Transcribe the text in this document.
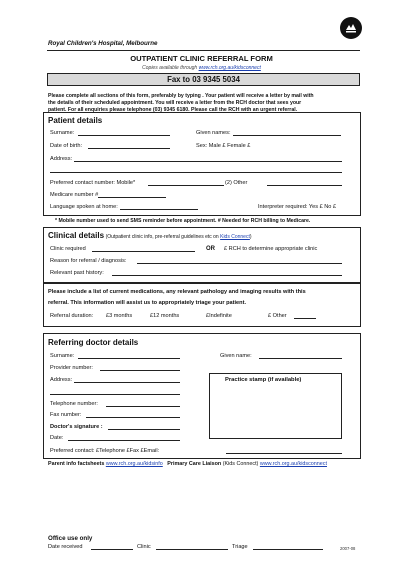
Royal Children's Hospital, Melbourne
OUTPATIENT CLINIC REFERRAL FORM
Copies available through www.rch.org.au/kidsconnect
Fax to 03 9345 5034
Please complete all sections of this form, preferably by typing . Your patient will receive a letter by mail with
the details of their scheduled appointment. You will receive a letter from the RCH doctor that sees your
patient. For all enquiries please telephone (03) 9345 6180. Please call the RCH with an urgent referral.
Patient details
Surname:	Given names:
Date of birth:	Sex: Male £ Female £
Address:
Preferred contact number: Mobile*	(2) Other
Medicare number #
Language spoken at home:	Interpreter required: Yes £ No £
* Mobile number used to send SMS reminder before appointment. # Needed for RCH billing to Medicare.
Clinical details (Outpatient clinic info, pre-referral guidelines etc on Kids Connect)
Clinic required	OR £ RCH to determine appropriate clinic
Reason for referral / diagnosis:
Relevant past history:
Please include a list of current medications, any relevant pathology and imaging results with this
referral. This information will assist us to appropriately triage your patient.
Referral duration: £3 months	£12 months	£Indefinite	£ Other
Referring doctor details
Surname:	Given name:
Provider number:
Address:	Practice stamp (if available)
Telephone number:
Fax number:
Doctor's signature :
Date:
Preferred contact: £Telephone £Fax £Email:
Parent info factsheets www.rch.org.au/kidsinfo Primary Care Liaison (Kids Connect) www.rch.org.au/kidsconnect
Office use only
Date received	Clinic	Triage	2007-08
